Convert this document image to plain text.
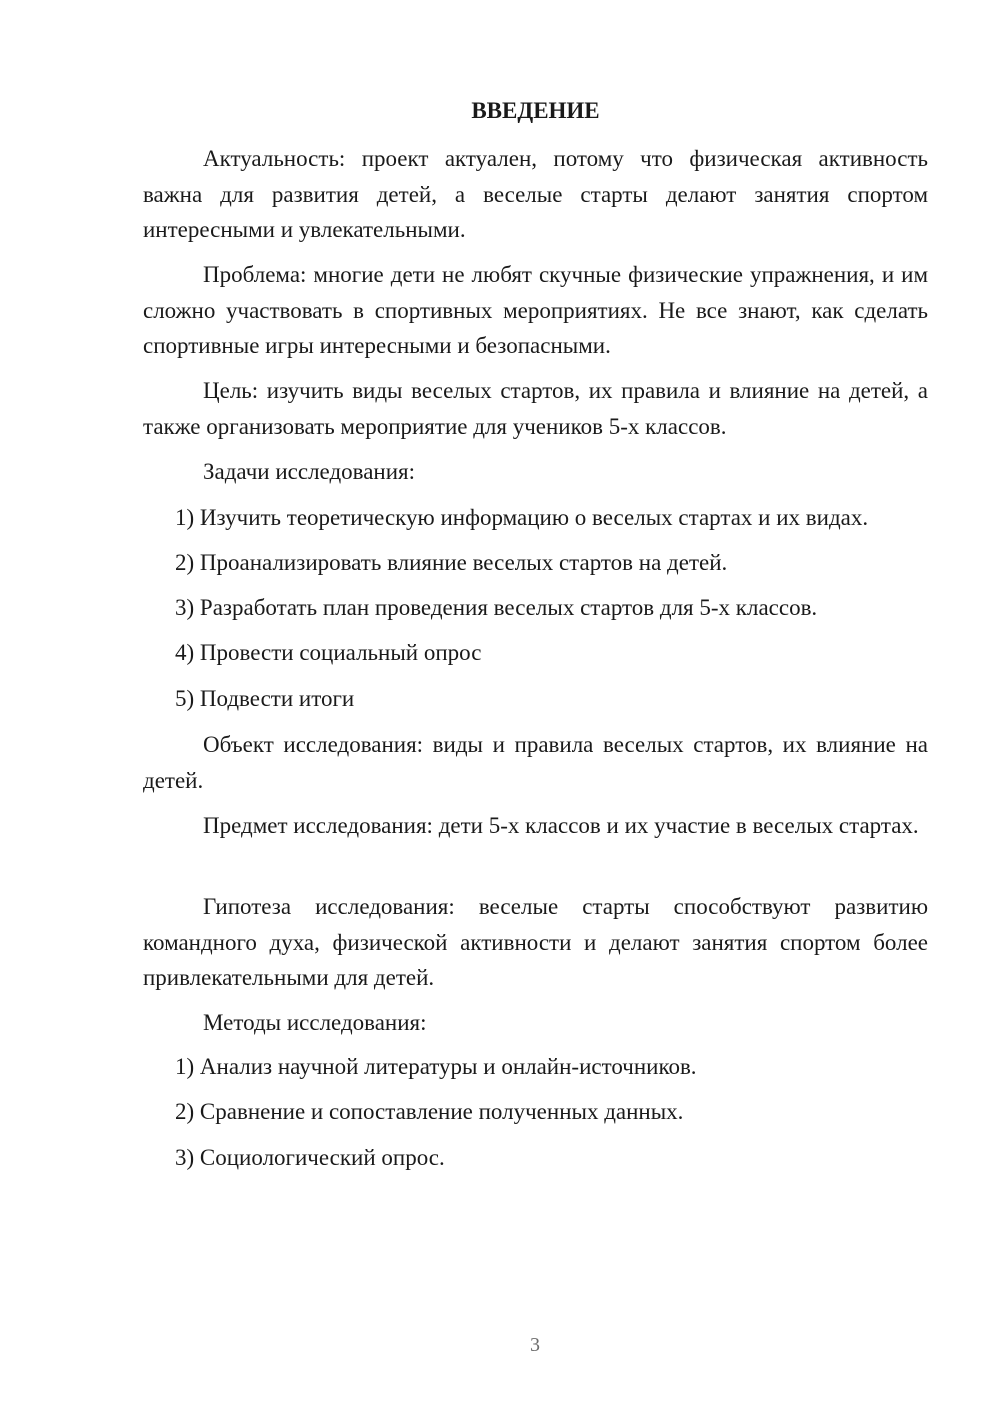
ВВЕДЕНИЕ

Актуальность: проект актуален, потому что физическая активность важна для развития детей, а веселые старты делают занятия спортом интересными и увлекательными.

Проблема: многие дети не любят скучные физические упражнения, и им сложно участвовать в спортивных мероприятиях. Не все знают, как сделать спортивные игры интересными и безопасными.

Цель: изучить виды веселых стартов, их правила и влияние на детей, а также организовать мероприятие для учеников 5-х классов.

Задачи исследования:

1) Изучить теоретическую информацию о веселых стартах и их видах.

2) Проанализировать влияние веселых стартов на детей.

3) Разработать план проведения веселых стартов для 5-х классов.

4) Провести социальный опрос

5) Подвести итоги

Объект исследования: виды и правила веселых стартов, их влияние на детей.

Предмет исследования: дети 5-х классов и их участие в веселых стартах.

Гипотеза исследования: веселые старты способствуют развитию командного духа, физической активности и делают занятия спортом более привлекательными для детей.

Методы исследования:

1) Анализ научной литературы и онлайн-источников.

2) Сравнение и сопоставление полученных данных.

3) Социологический опрос.

3
